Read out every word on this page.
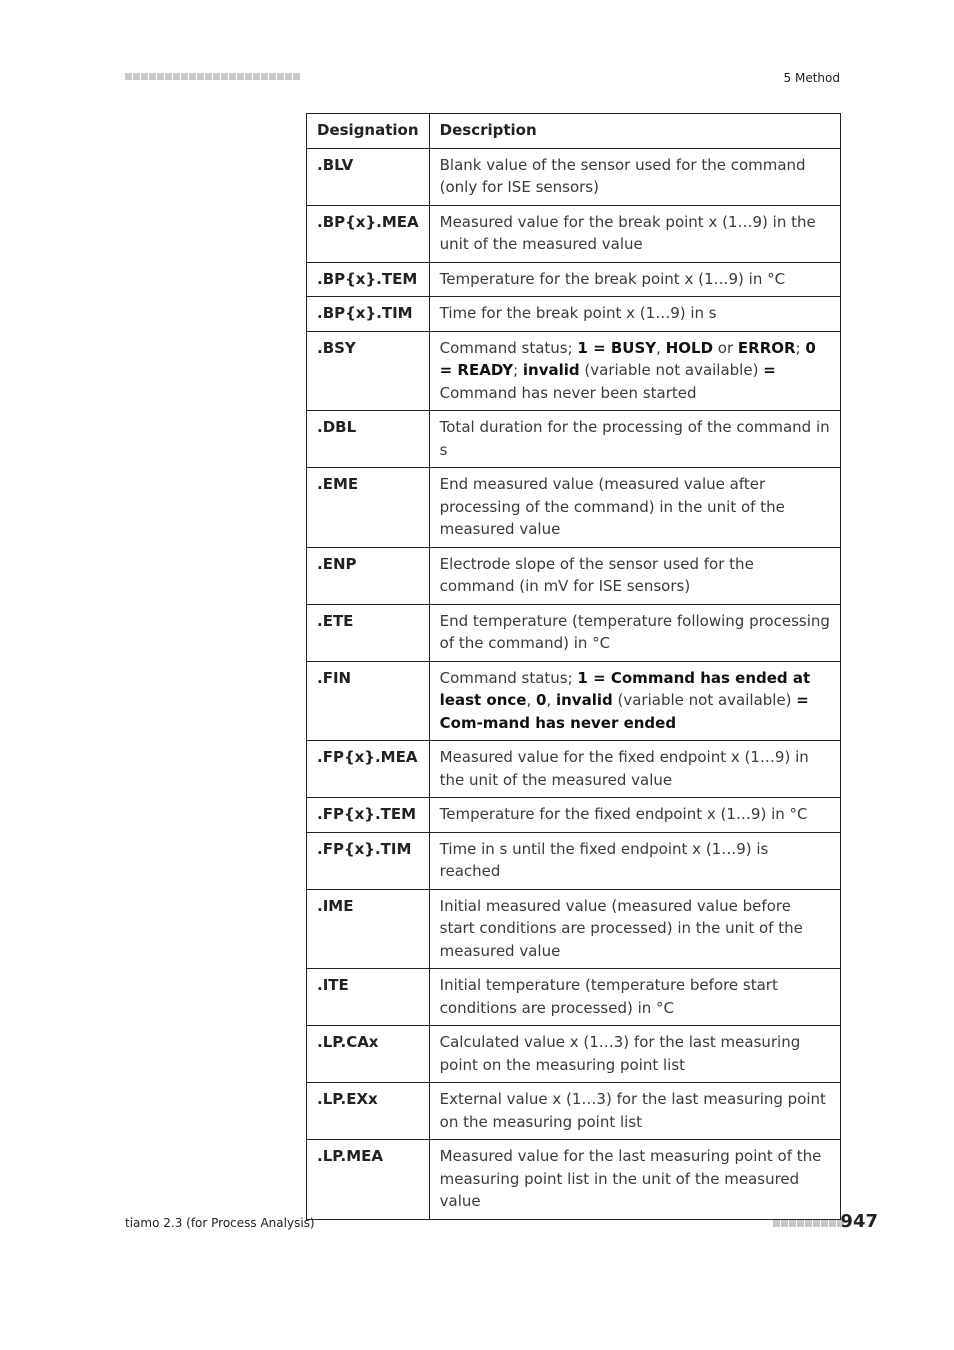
5 Method
Designation	Description
.BLV	Blank value of the sensor used for the command (only for ISE sensors)
.BP{x}.MEA	Measured value for the break point x (1…9) in the unit of the measured value
.BP{x}.TEM	Temperature for the break point x (1…9) in °C
.BP{x}.TIM	Time for the break point x (1…9) in s
.BSY	Command status; 1 = BUSY, HOLD or ERROR; 0 = READY; invalid (variable not available) = Command has never been started
.DBL	Total duration for the processing of the command in s
.EME	End measured value (measured value after processing of the command) in the unit of the measured value
.ENP	Electrode slope of the sensor used for the command (in mV for ISE sensors)
.ETE	End temperature (temperature following processing of the command) in °C
.FIN	Command status; 1 = Command has ended at least once, 0, invalid (variable not available) = Com-mand has never ended
.FP{x}.MEA	Measured value for the fixed endpoint x (1…9) in the unit of the measured value
.FP{x}.TEM	Temperature for the fixed endpoint x (1…9) in °C
.FP{x}.TIM	Time in s until the fixed endpoint x (1…9) is reached
.IME	Initial measured value (measured value before start conditions are processed) in the unit of the measured value
.ITE	Initial temperature (temperature before start conditions are processed) in °C
.LP.CAx	Calculated value x (1…3) for the last measuring point on the measuring point list
.LP.EXx	External value x (1…3) for the last measuring point on the measuring point list
.LP.MEA	Measured value for the last measuring point of the measuring point list in the unit of the measured value
tiamo 2.3 (for Process Analysis)	947
